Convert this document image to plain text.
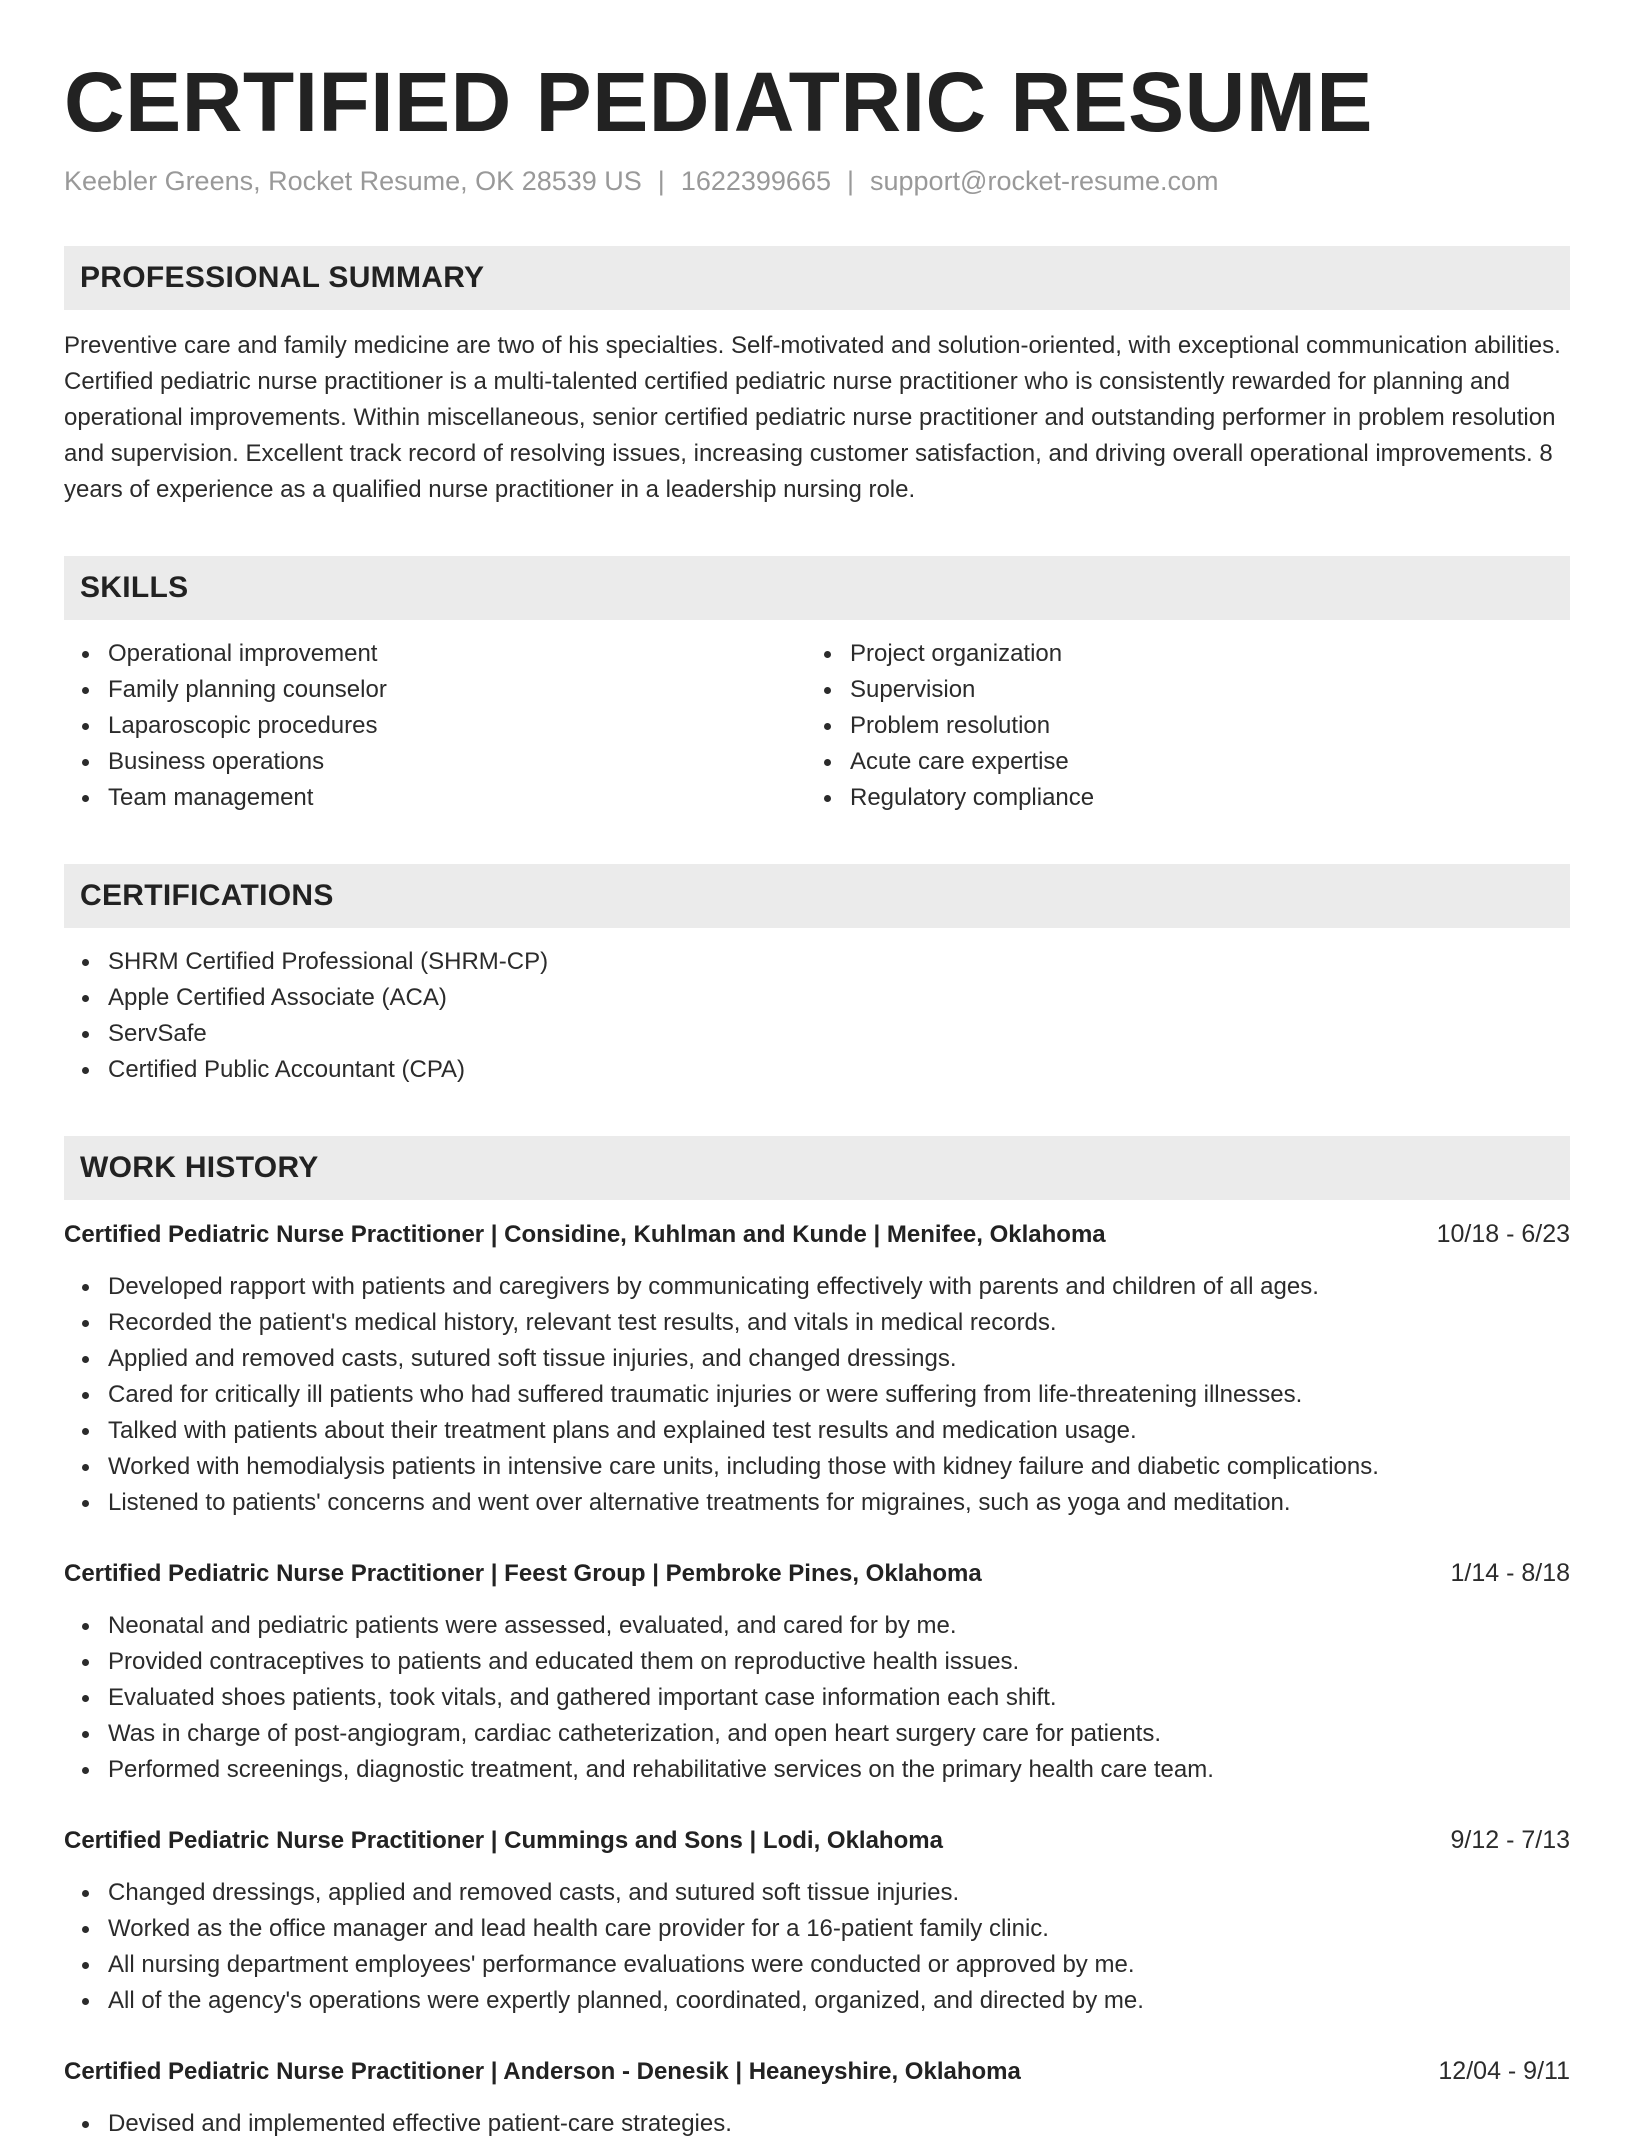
CERTIFIED PEDIATRIC RESUME
Keebler Greens, Rocket Resume, OK 28539 US | 1622399665 | support@rocket-resume.com
PROFESSIONAL SUMMARY

Preventive care and family medicine are two of his specialties. Self-motivated and solution-oriented, with exceptional communication abilities. Certified pediatric nurse practitioner is a multi-talented certified pediatric nurse practitioner who is consistently rewarded for planning and operational improvements. Within miscellaneous, senior certified pediatric nurse practitioner and outstanding performer in problem resolution and supervision. Excellent track record of resolving issues, increasing customer satisfaction, and driving overall operational improvements. 8 years of experience as a qualified nurse practitioner in a leadership nursing role.

SKILLS
Operational improvement
Family planning counselor
Laparoscopic procedures
Business operations
Team management
Project organization
Supervision
Problem resolution
Acute care expertise
Regulatory compliance
CERTIFICATIONS
SHRM Certified Professional (SHRM-CP)
Apple Certified Associate (ACA)
ServSafe
Certified Public Accountant (CPA)
WORK HISTORY
Certified Pediatric Nurse Practitioner | Considine, Kuhlman and Kunde | Menifee, Oklahoma	10/18 - 6/23
Developed rapport with patients and caregivers by communicating effectively with parents and children of all ages.
Recorded the patient's medical history, relevant test results, and vitals in medical records.
Applied and removed casts, sutured soft tissue injuries, and changed dressings.
Cared for critically ill patients who had suffered traumatic injuries or were suffering from life-threatening illnesses.
Talked with patients about their treatment plans and explained test results and medication usage.
Worked with hemodialysis patients in intensive care units, including those with kidney failure and diabetic complications.
Listened to patients' concerns and went over alternative treatments for migraines, such as yoga and meditation.
Certified Pediatric Nurse Practitioner | Feest Group | Pembroke Pines, Oklahoma	1/14 - 8/18
Neonatal and pediatric patients were assessed, evaluated, and cared for by me.
Provided contraceptives to patients and educated them on reproductive health issues.
Evaluated shoes patients, took vitals, and gathered important case information each shift.
Was in charge of post-angiogram, cardiac catheterization, and open heart surgery care for patients.
Performed screenings, diagnostic treatment, and rehabilitative services on the primary health care team.
Certified Pediatric Nurse Practitioner | Cummings and Sons | Lodi, Oklahoma	9/12 - 7/13
Changed dressings, applied and removed casts, and sutured soft tissue injuries.
Worked as the office manager and lead health care provider for a 16-patient family clinic.
All nursing department employees' performance evaluations were conducted or approved by me.
All of the agency's operations were expertly planned, coordinated, organized, and directed by me.
Certified Pediatric Nurse Practitioner | Anderson - Denesik | Heaneyshire, Oklahoma	12/04 - 9/11
Devised and implemented effective patient-care strategies.
